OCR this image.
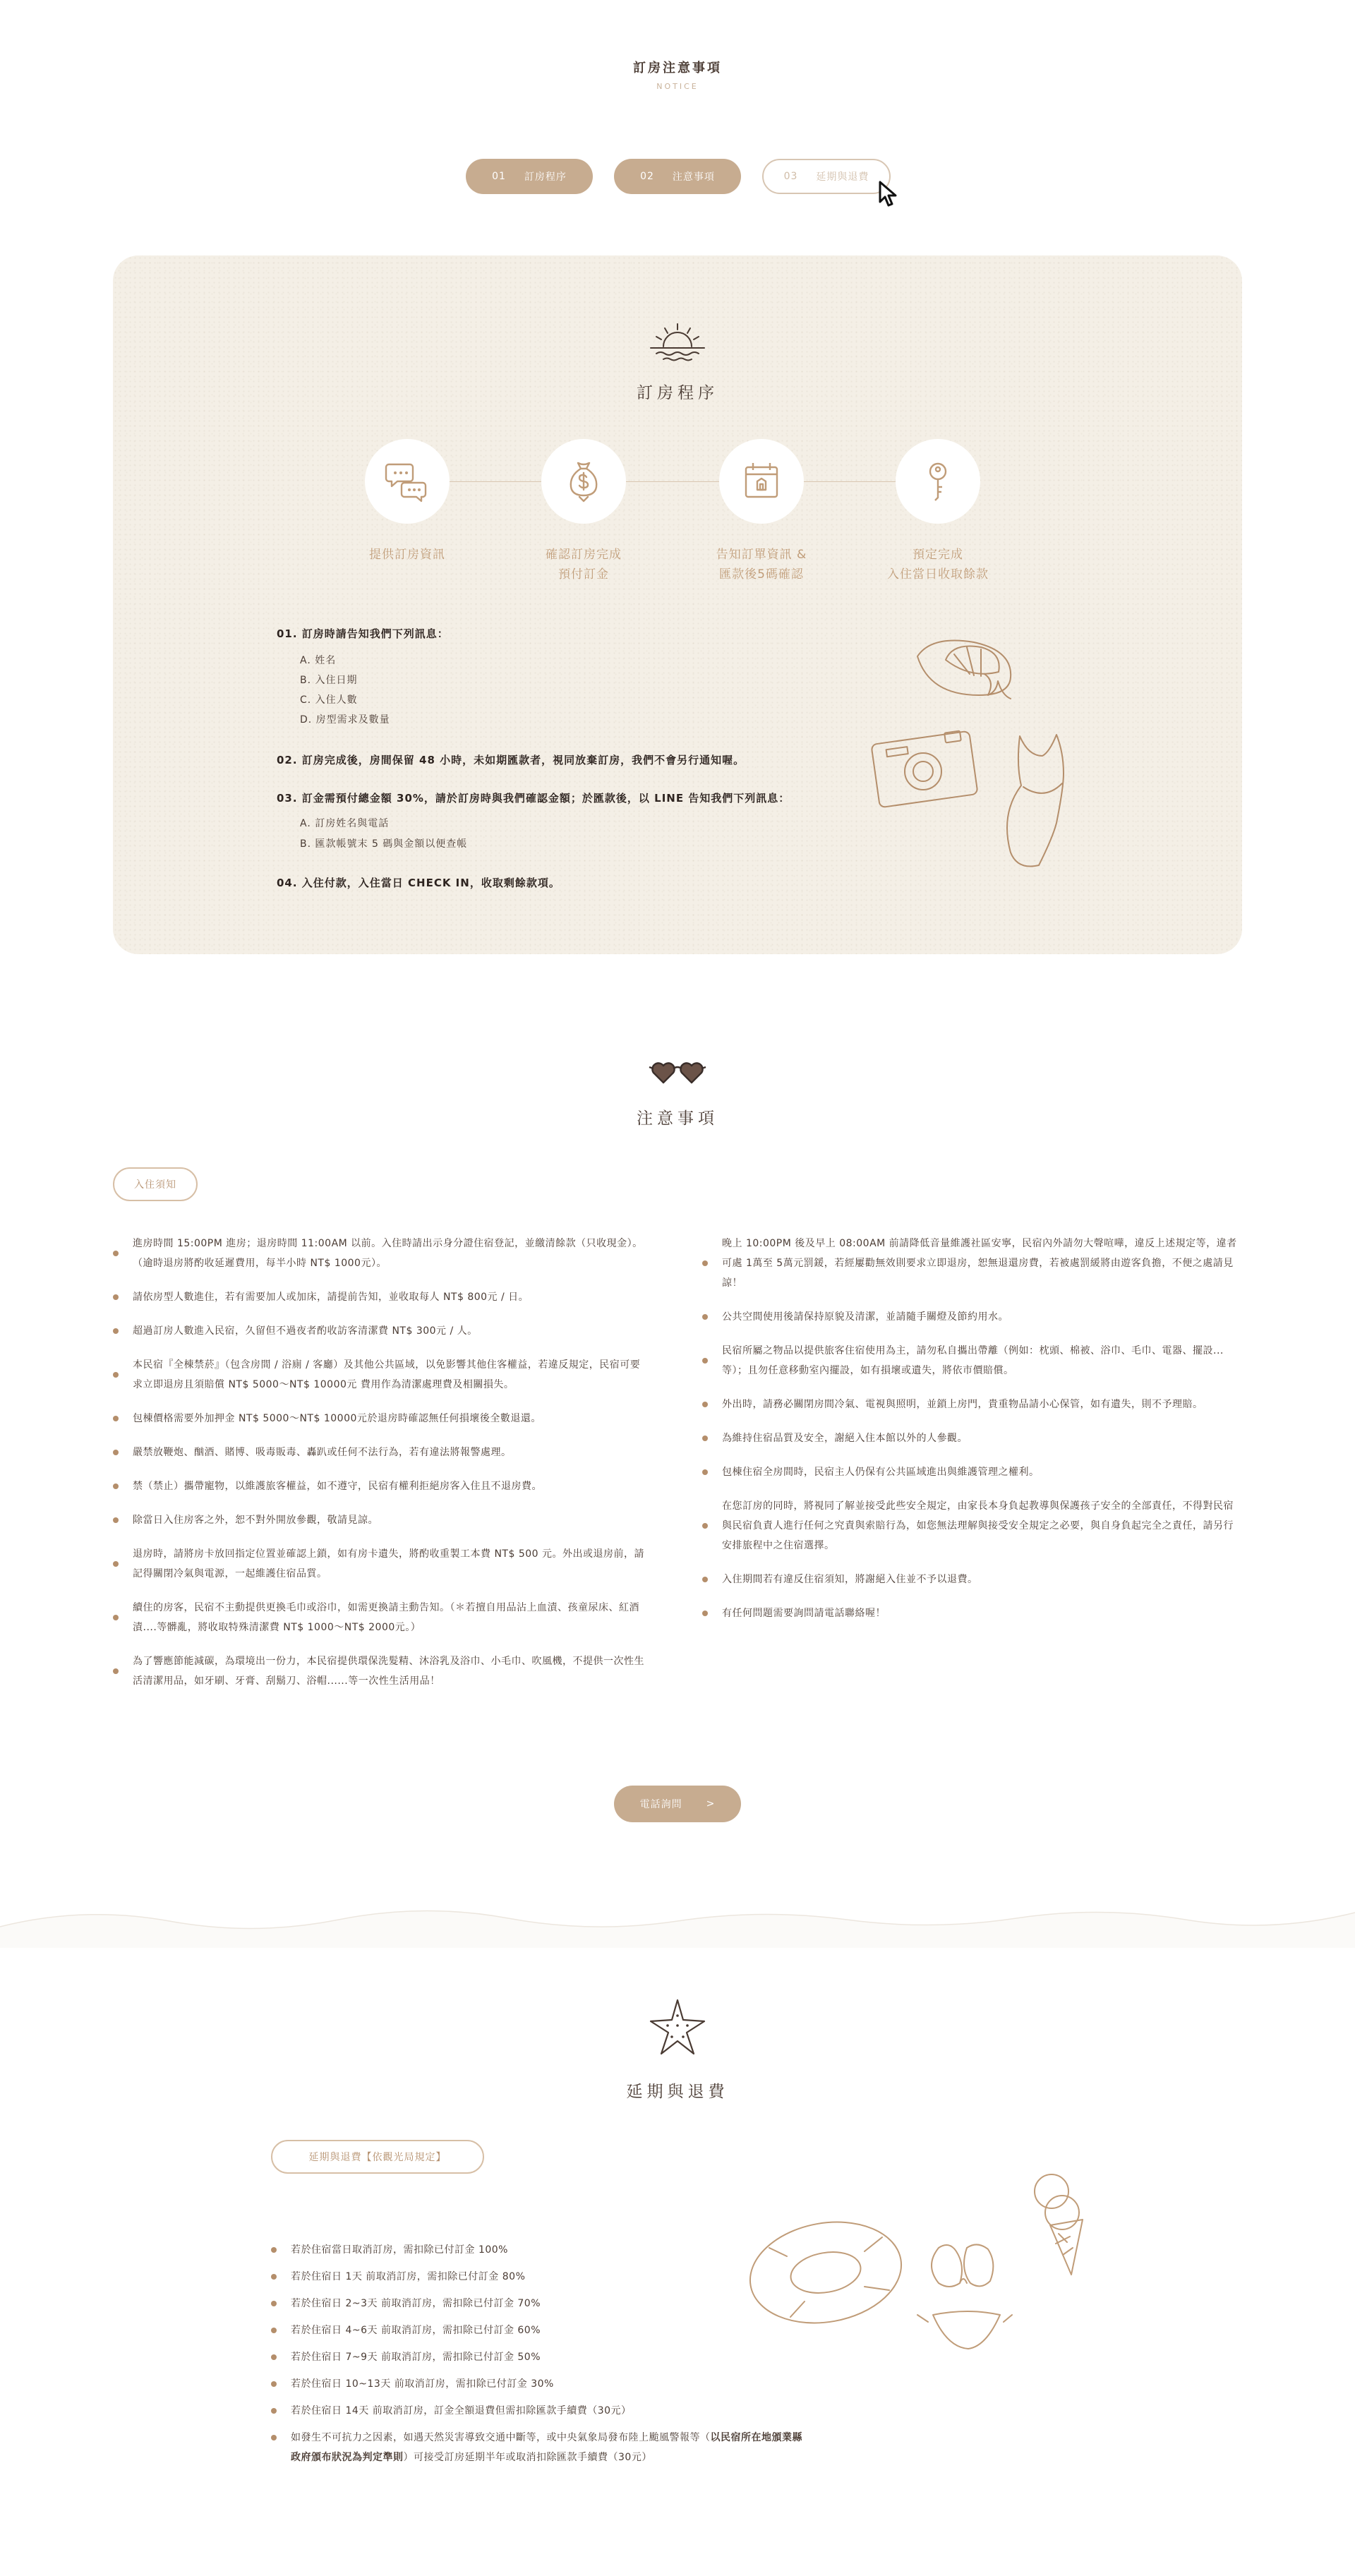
訂房注意事項
NOTICE
01 訂房程序	02 注意事項	03 延期與退費
訂房程序
提供訂房資訊	確認訂房完成
預付訂金
告知訂單資訊 &
匯款後5碼確認
預定完成
入住當日收取餘款
01. 訂房時請告知我們下列訊息：
A. 姓名
B. 入住日期
C. 入住人數
D. 房型需求及數量
02. 訂房完成後，房間保留 48 小時，未如期匯款者，視同放棄訂房，我們不會另行通知喔。
03. 訂金需預付總金額 30%，請於訂房時與我們確認金額；於匯款後，以 LINE 告知我們下列訊息：
A. 訂房姓名與電話
B. 匯款帳號末 5 碼與金額以便查帳
04. 入住付款，入住當日 CHECK IN，收取剩餘款項。
注意事項
入住須知
進房時間 15:00PM 進房；退房時間 11:00AM 以前。入住時請出示身分證住宿登記，並繳清餘款（只收現金）。（逾時退房將酌收延遲費用，每半小時 NT$ 1000元）。
請依房型人數進住，若有需要加人或加床，請提前告知，並收取每人 NT$ 800元 / 日。
超過訂房人數進入民宿，久留但不過夜者酌收訪客清潔費 NT$ 300元 / 人。
本民宿『全棟禁菸』（包含房間 / 浴廁 / 客廳）及其他公共區域，以免影響其他住客權益，若違反規定，民宿可要求立即退房且須賠償 NT$ 5000～NT$ 10000元 費用作為清潔處理費及相關損失。
包棟價格需要外加押金 NT$ 5000～NT$ 10000元於退房時確認無任何損壞後全數退還。
嚴禁放鞭炮、酗酒、賭博、吸毒販毒、轟趴或任何不法行為，若有違法將報警處理。
禁（禁止）攜帶寵物，以維護旅客權益，如不遵守，民宿有權利拒絕房客入住且不退房費。
除當日入住房客之外，恕不對外開放參觀，敬請見諒。
退房時，請將房卡放回指定位置並確認上鎖，如有房卡遺失，將酌收重製工本費 NT$ 500 元。外出或退房前，請記得關閉冷氣與電源，一起維護住宿品質。
續住的房客，民宿不主動提供更換毛巾或浴巾，如需更換請主動告知。（＊若擅自用品沾上血漬、孩童尿床、紅酒漬....等髒亂，將收取特殊清潔費 NT$ 1000～NT$ 2000元。）
為了響應節能減碳，為環境出一份力，本民宿提供環保洗髮精、沐浴乳及浴巾、小毛巾、吹風機，不提供一次性生活清潔用品，如牙刷、牙膏、刮鬍刀、浴帽......等一次性生活用品！
晚上 10:00PM 後及早上 08:00AM 前請降低音量維護社區安寧，民宿內外請勿大聲喧嘩，違反上述規定等，違者可處 1萬至 5萬元罰鍰，若經屢勸無效則要求立即退房，恕無退還房費，若被處罰緩將由遊客負擔，不便之處請見諒！
公共空間使用後請保持原貌及清潔，並請隨手關燈及節約用水。
民宿所屬之物品以提供旅客住宿使用為主，請勿私自攜出帶離（例如：枕頭、棉被、浴巾、毛巾、電器、擺設...等）；且勿任意移動室內擺設，如有損壞或遺失，將依市價賠償。
外出時，請務必關閉房間冷氣、電視與照明，並鎖上房門，貴重物品請小心保管，如有遺失，則不予理賠。
為維持住宿品質及安全，謝絕入住本館以外的人參觀。
包棟住宿全房間時，民宿主人仍保有公共區域進出與維護管理之權利。
在您訂房的同時，將視同了解並接受此些安全規定，由家長本身負起教導與保護孩子安全的全部責任，不得對民宿與民宿負責人進行任何之究責與索賠行為，如您無法理解與接受安全規定之必要，與自身負起完全之責任，請另行安排旅程中之住宿選擇。
入住期間若有違反住宿須知，將謝絕入住並不予以退費。
有任何問題需要詢問請電話聯絡喔！
電話詢問 >
延期與退費
延期與退費【依觀光局規定】
若於住宿當日取消訂房，需扣除已付訂金 100%
若於住宿日 1天 前取消訂房，需扣除已付訂金 80%
若於住宿日 2~3天 前取消訂房，需扣除已付訂金 70%
若於住宿日 4~6天 前取消訂房，需扣除已付訂金 60%
若於住宿日 7~9天 前取消訂房，需扣除已付訂金 50%
若於住宿日 10~13天 前取消訂房，需扣除已付訂金 30%
若於住宿日 14天 前取消訂房，訂金全額退費但需扣除匯款手續費（30元）
如發生不可抗力之因素，如遇天然災害導致交通中斷等，或中央氣象局發布陸上颱風警報等（以民宿所在地頒業縣政府頒布狀況為判定準則）可接受訂房延期半年或取消扣除匯款手續費（30元）
